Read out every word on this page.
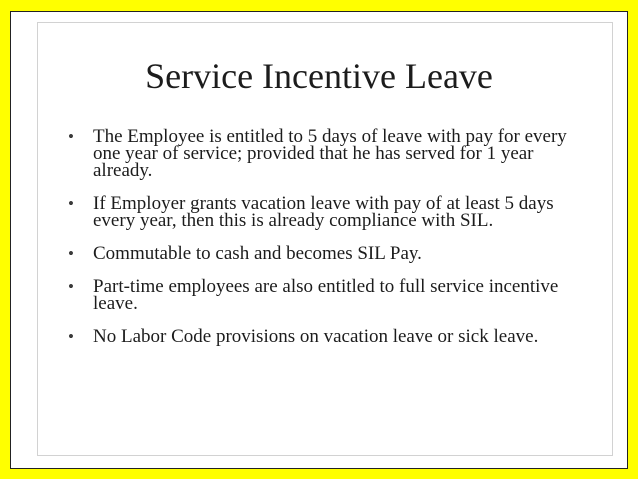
Service Incentive Leave
• The Employee is entitled to 5 days of leave with pay for every one year of service; provided that he has served for 1 year already.
• If Employer grants vacation leave with pay of at least 5 days every year, then this is already compliance with SIL.
• Commutable to cash and becomes SIL Pay.
• Part-time employees are also entitled to full service incentive leave.
• No Labor Code provisions on vacation leave or sick leave.
